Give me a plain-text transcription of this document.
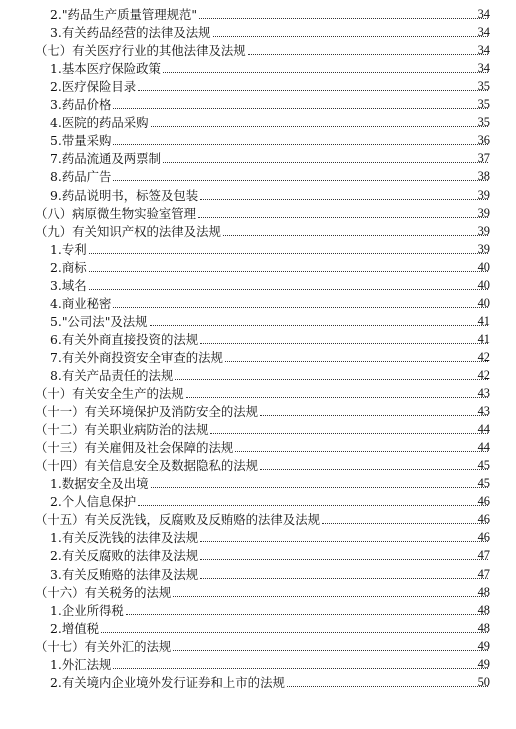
2."药品生产质量管理规范"	34
3.有关药品经营的法律及法规	34
（七）有关医疗行业的其他法律及法规	34
1.基本医疗保险政策	34
2.医疗保险目录	35
3.药品价格	35
4.医院的药品采购	35
5.带量采购	36
7.药品流通及两票制	37
8.药品广告	38
9.药品说明书，标签及包装	39
（八）病原微生物实验室管理	39
（九）有关知识产权的法律及法规	39
1.专利	39
2.商标	40
3.域名	40
4.商业秘密	40
5."公司法"及法规	41
6.有关外商直接投资的法规	41
7.有关外商投资安全审查的法规	42
8.有关产品责任的法规	42
（十）有关安全生产的法规	43
（十一）有关环境保护及消防安全的法规	43
（十二）有关职业病防治的法规	44
（十三）有关雇佣及社会保障的法规	44
（十四）有关信息安全及数据隐私的法规	45
1.数据安全及出境	45
2.个人信息保护	46
（十五）有关反洗钱，反腐败及反贿赂的法律及法规	46
1.有关反洗钱的法律及法规	46
2.有关反腐败的法律及法规	47
3.有关反贿赂的法律及法规	47
（十六）有关税务的法规	48
1.企业所得税	48
2.增值税	48
（十七）有关外汇的法规	49
1.外汇法规	49
2.有关境内企业境外发行证券和上市的法规	50
